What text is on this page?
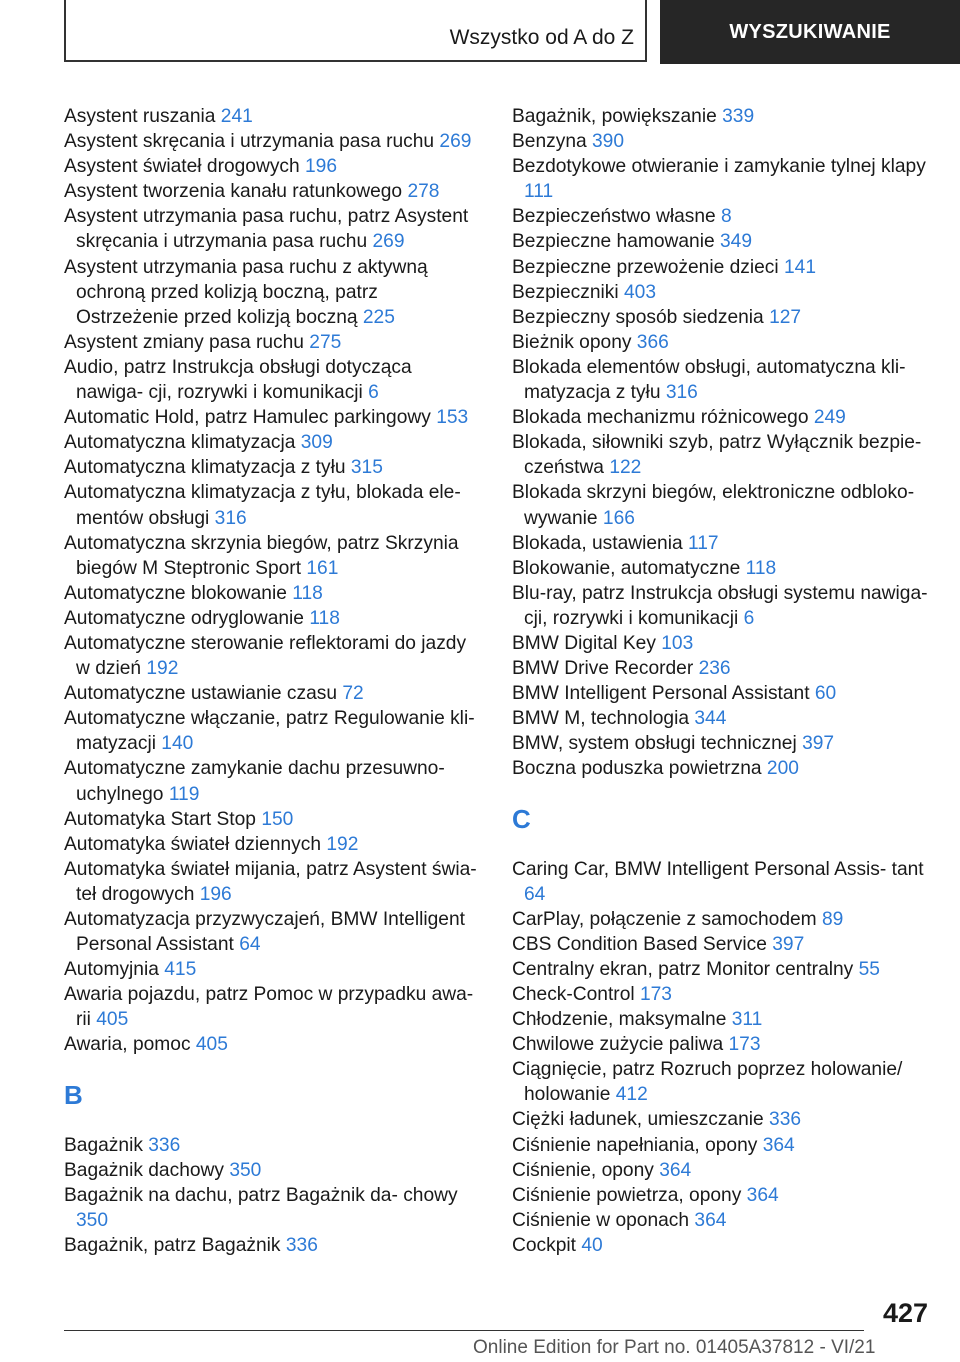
Wszystko od A do Z	WYSZUKIWANIE
Asystent ruszania 241
Asystent skręcania i utrzymania pasa ruchu 269
Asystent świateł drogowych 196
Asystent tworzenia kanału ratunkowego 278
Asystent utrzymania pasa ruchu, patrz Asystent skręcania i utrzymania pasa ruchu 269
Asystent utrzymania pasa ruchu z aktywną ochroną przed kolizją boczną, patrz Ostrzeżenie przed kolizją boczną 225
Asystent zmiany pasa ruchu 275
Audio, patrz Instrukcja obsługi dotycząca nawiga‐ cji, rozrywki i komunikacji 6
Automatic Hold, patrz Hamulec parkingowy 153
Automatyczna klimatyzacja 309
Automatyczna klimatyzacja z tyłu 315
Automatyczna klimatyzacja z tyłu, blokada ele‐ mentów obsługi 316
Automatyczna skrzynia biegów, patrz Skrzynia biegów M Steptronic Sport 161
Automatyczne blokowanie 118
Automatyczne odryglowanie 118
Automatyczne sterowanie reflektorami do jazdy w dzień 192
Automatyczne ustawianie czasu 72
Automatyczne włączanie, patrz Regulowanie kli‐ matyzacji 140
Automatyczne zamykanie dachu przesuwno‐ uchylnego 119
Automatyka Start Stop 150
Automatyka świateł dziennych 192
Automatyka świateł mijania, patrz Asystent świa‐ teł drogowych 196
Automatyzacja przyzwyczajeń, BMW Intelligent Personal Assistant 64
Automyjnia 415
Awaria pojazdu, patrz Pomoc w przypadku awa‐ rii 405
Awaria, pomoc 405
B
Bagażnik 336
Bagażnik dachowy 350
Bagażnik na dachu, patrz Bagażnik da‐ chowy 350
Bagażnik, patrz Bagażnik 336
Bagażnik, powiększanie 339
Benzyna 390
Bezdotykowe otwieranie i zamykanie tylnej klapy 111
Bezpieczeństwo własne 8
Bezpieczne hamowanie 349
Bezpieczne przewożenie dzieci 141
Bezpieczniki 403
Bezpieczny sposób siedzenia 127
Bieżnik opony 366
Blokada elementów obsługi, automatyczna kli‐ matyzacja z tyłu 316
Blokada mechanizmu różnicowego 249
Blokada, siłowniki szyb, patrz Wyłącznik bezpie‐ czeństwa 122
Blokada skrzyni biegów, elektroniczne odbloko‐ wywanie 166
Blokada, ustawienia 117
Blokowanie, automatyczne 118
Blu-ray, patrz Instrukcja obsługi systemu nawiga‐ cji, rozrywki i komunikacji 6
BMW Digital Key 103
BMW Drive Recorder 236
BMW Intelligent Personal Assistant 60
BMW M, technologia 344
BMW, system obsługi technicznej 397
Boczna poduszka powietrzna 200
C
Caring Car, BMW Intelligent Personal Assis‐ tant 64
CarPlay, połączenie z samochodem 89
CBS Condition Based Service 397
Centralny ekran, patrz Monitor centralny 55
Check-Control 173
Chłodzenie, maksymalne 311
Chwilowe zużycie paliwa 173
Ciągnięcie, patrz Rozruch poprzez holowanie/ holowanie 412
Ciężki ładunek, umieszczanie 336
Ciśnienie napełniania, opony 364
Ciśnienie, opony 364
Ciśnienie powietrza, opony 364
Ciśnienie w oponach 364
Cockpit 40
427
Online Edition for Part no. 01405A37812 - VI/21
